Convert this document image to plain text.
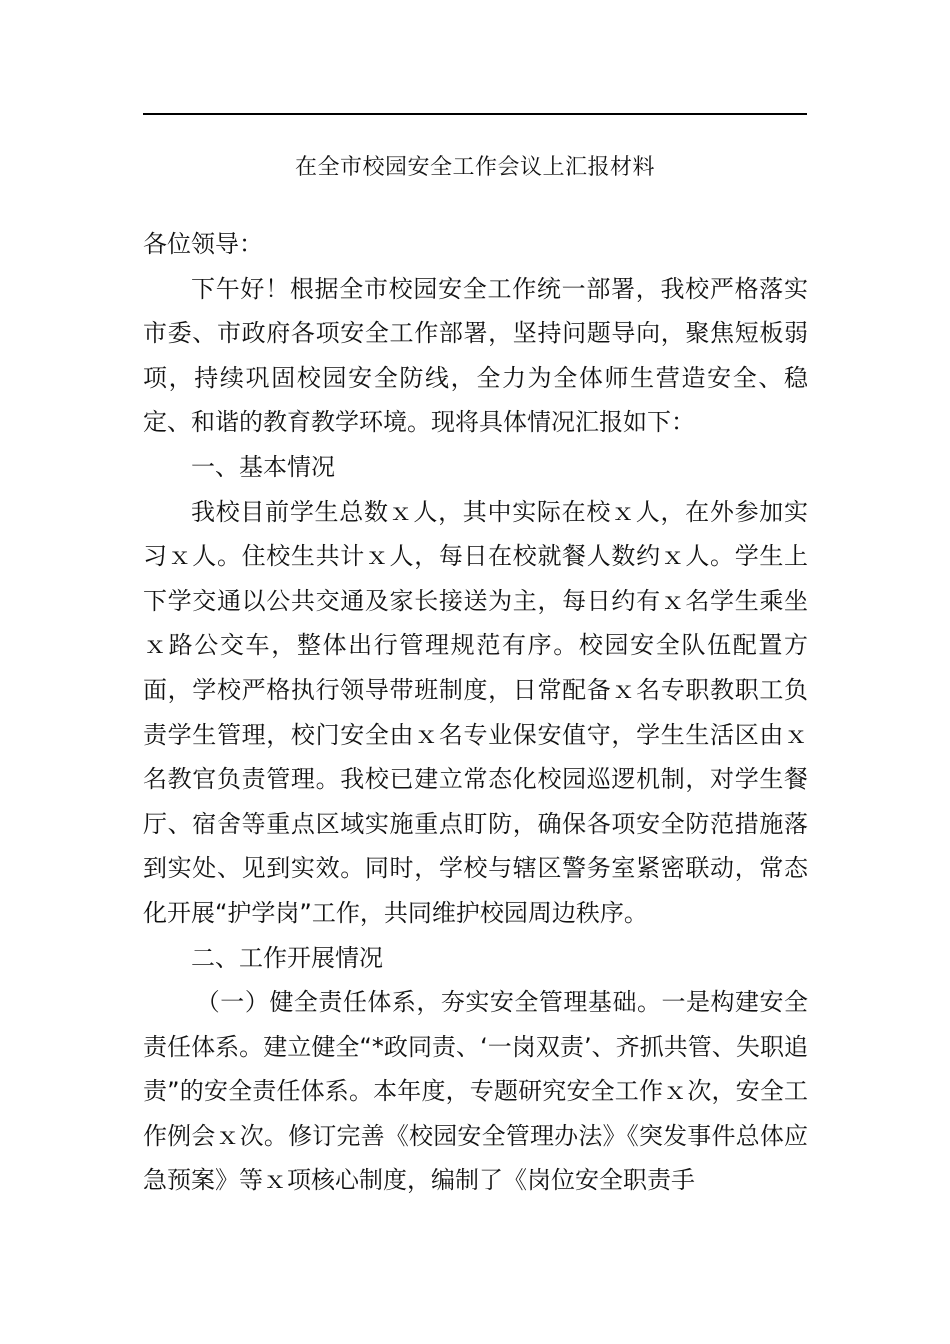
在全市校园安全工作会议上汇报材料

各位领导：

下午好！根据全市校园安全工作统一部署，我校严格落实市委、市政府各项安全工作部署，坚持问题导向，聚焦短板弱项，持续巩固校园安全防线，全力为全体师生营造安全、稳定、和谐的教育教学环境。现将具体情况汇报如下：

一、基本情况

我校目前学生总数ｘ人，其中实际在校ｘ人，在外参加实习ｘ人。住校生共计ｘ人，每日在校就餐人数约ｘ人。学生上下学交通以公共交通及家长接送为主，每日约有ｘ名学生乘坐ｘ路公交车，整体出行管理规范有序。校园安全队伍配置方面，学校严格执行领导带班制度，日常配备ｘ名专职教职工负责学生管理，校门安全由ｘ名专业保安值守，学生生活区由ｘ名教官负责管理。我校已建立常态化校园巡逻机制，对学生餐厅、宿舍等重点区域实施重点盯防，确保各项安全防范措施落到实处、见到实效。同时，学校与辖区警务室紧密联动，常态化开展“护学岗”工作，共同维护校园周边秩序。

二、工作开展情况

（一）健全责任体系，夯实安全管理基础。一是构建安全责任体系。建立健全“*政同责、‘一岗双责’、齐抓共管、失职追责”的安全责任体系。本年度，专题研究安全工作ｘ次，安全工作例会ｘ次。修订完善《校园安全管理办法》《突发事件总体应急预案》等ｘ项核心制度，编制了《岗位安全职责手
